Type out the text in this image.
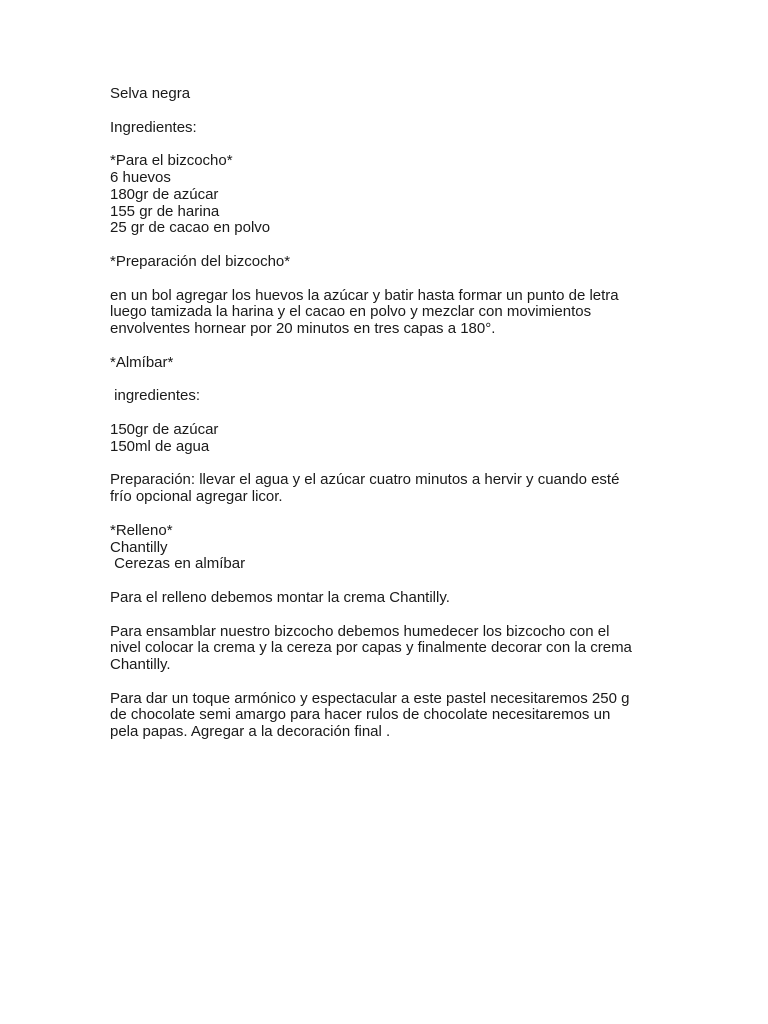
Selva negra

Ingredientes:

*Para el bizcocho*

6 huevos

180gr de azúcar

155 gr de harina

25 gr de cacao en polvo

*Preparación del bizcocho*

en un bol agregar los huevos la azúcar y batir hasta formar un punto de letra

luego tamizada la harina y el cacao en polvo y mezclar con movimientos

envolventes hornear por 20 minutos en tres capas a 180°.

*Almíbar*

ingredientes:

150gr de azúcar

150ml de agua

Preparación: llevar el agua y el azúcar cuatro minutos a hervir y cuando esté

frío opcional agregar licor.

*Relleno*

Chantilly

Cerezas en almíbar

Para el relleno debemos montar la crema Chantilly.

Para ensamblar nuestro bizcocho debemos humedecer los bizcocho con el

nivel colocar la crema y la cereza por capas y finalmente decorar con la crema

Chantilly.

Para dar un toque armónico y espectacular a este pastel necesitaremos 250 g

de chocolate semi amargo para hacer rulos de chocolate necesitaremos un

pela papas. Agregar a la decoración final .
